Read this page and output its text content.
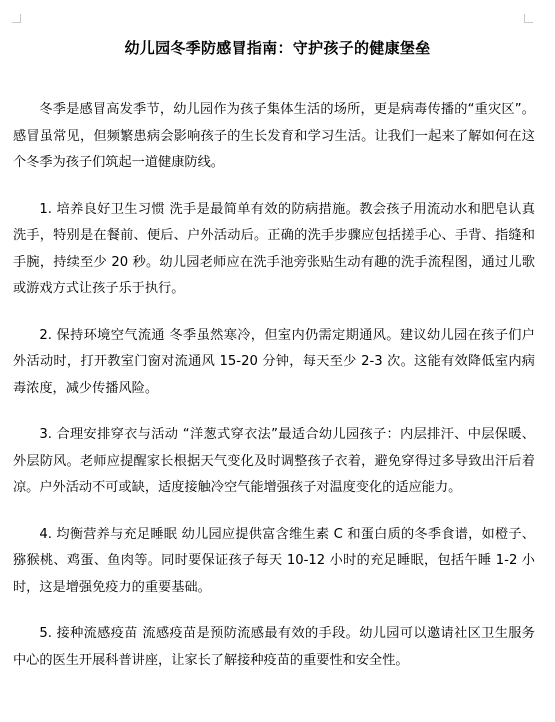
幼儿园冬季防感冒指南：守护孩子的健康堡垒

冬季是感冒高发季节，幼儿园作为孩子集体生活的场所，更是病毒传播的“重灾区”。感冒虽常见，但频繁患病会影响孩子的生长发育和学习生活。让我们一起来了解如何在这个冬季为孩子们筑起一道健康防线。

1. 培养良好卫生习惯 洗手是最简单有效的防病措施。教会孩子用流动水和肥皂认真洗手，特别是在餐前、便后、户外活动后。正确的洗手步骤应包括搓手心、手背、指缝和手腕，持续至少 20 秒。幼儿园老师应在洗手池旁张贴生动有趣的洗手流程图，通过儿歌或游戏方式让孩子乐于执行。

2. 保持环境空气流通 冬季虽然寒冷，但室内仍需定期通风。建议幼儿园在孩子们户外活动时，打开教室门窗对流通风 15-20 分钟，每天至少 2-3 次。这能有效降低室内病毒浓度，减少传播风险。

3. 合理安排穿衣与活动 “洋葱式穿衣法”最适合幼儿园孩子：内层排汗、中层保暖、外层防风。老师应提醒家长根据天气变化及时调整孩子衣着，避免穿得过多导致出汗后着凉。户外活动不可或缺，适度接触冷空气能增强孩子对温度变化的适应能力。

4. 均衡营养与充足睡眠 幼儿园应提供富含维生素 C 和蛋白质的冬季食谱，如橙子、猕猴桃、鸡蛋、鱼肉等。同时要保证孩子每天 10-12 小时的充足睡眠，包括午睡 1-2 小时，这是增强免疫力的重要基础。

5. 接种流感疫苗 流感疫苗是预防流感最有效的手段。幼儿园可以邀请社区卫生服务中心的医生开展科普讲座，让家长了解接种疫苗的重要性和安全性。
